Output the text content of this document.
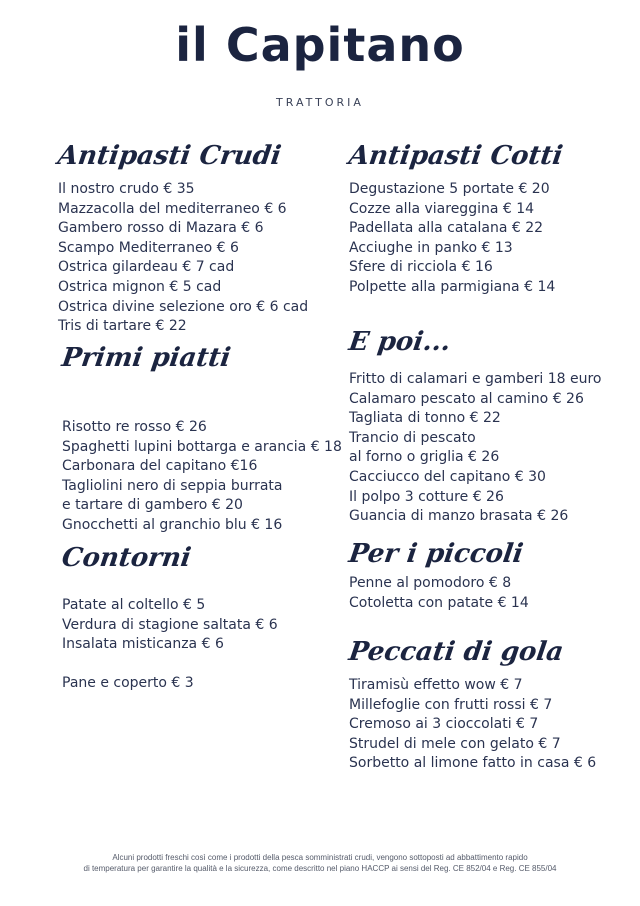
il Capitano
TRATTORIA
Antipasti Crudi
Il nostro crudo € 35
Mazzacolla del mediterraneo € 6
Gambero rosso di Mazara € 6
Scampo Mediterraneo € 6
Ostrica gilardeau € 7 cad
Ostrica mignon € 5 cad
Ostrica divine selezione oro € 6 cad
Tris di tartare € 22
Primi piatti
Risotto re rosso € 26
Spaghetti lupini bottarga e arancia € 18
Carbonara del capitano €16
Tagliolini nero di seppia burrata
e tartare di gambero € 20
Gnocchetti al granchio blu € 16
Contorni
Patate al coltello € 5
Verdura di stagione saltata € 6
Insalata misticanza € 6
Pane e coperto € 3
Antipasti Cotti
Degustazione 5 portate € 20
Cozze alla viareggina € 14
Padellata alla catalana € 22
Acciughe in panko € 13
Sfere di ricciola € 16
Polpette alla parmigiana € 14
E poi...
Fritto di calamari e gamberi 18 euro
Calamaro pescato al camino € 26
Tagliata di tonno € 22
Trancio di pescato
al forno o griglia € 26
Cacciucco del capitano € 30
Il polpo 3 cotture € 26
Guancia di manzo brasata € 26
Per i piccoli
Penne al pomodoro € 8
Cotoletta con patate € 14
Peccati di gola
Tiramisù effetto wow € 7
Millefoglie con frutti rossi € 7
Cremoso ai 3 cioccolati € 7
Strudel di mele con gelato € 7
Sorbetto al limone fatto in casa € 6

Alcuni prodotti freschi così come i prodotti della pesca somministrati crudi, vengono sottoposti ad abbattimento rapido

di temperatura per garantire la qualità e la sicurezza, come descritto nel piano HACCP ai sensi del Reg. CE 852/04 e Reg. CE 855/04
